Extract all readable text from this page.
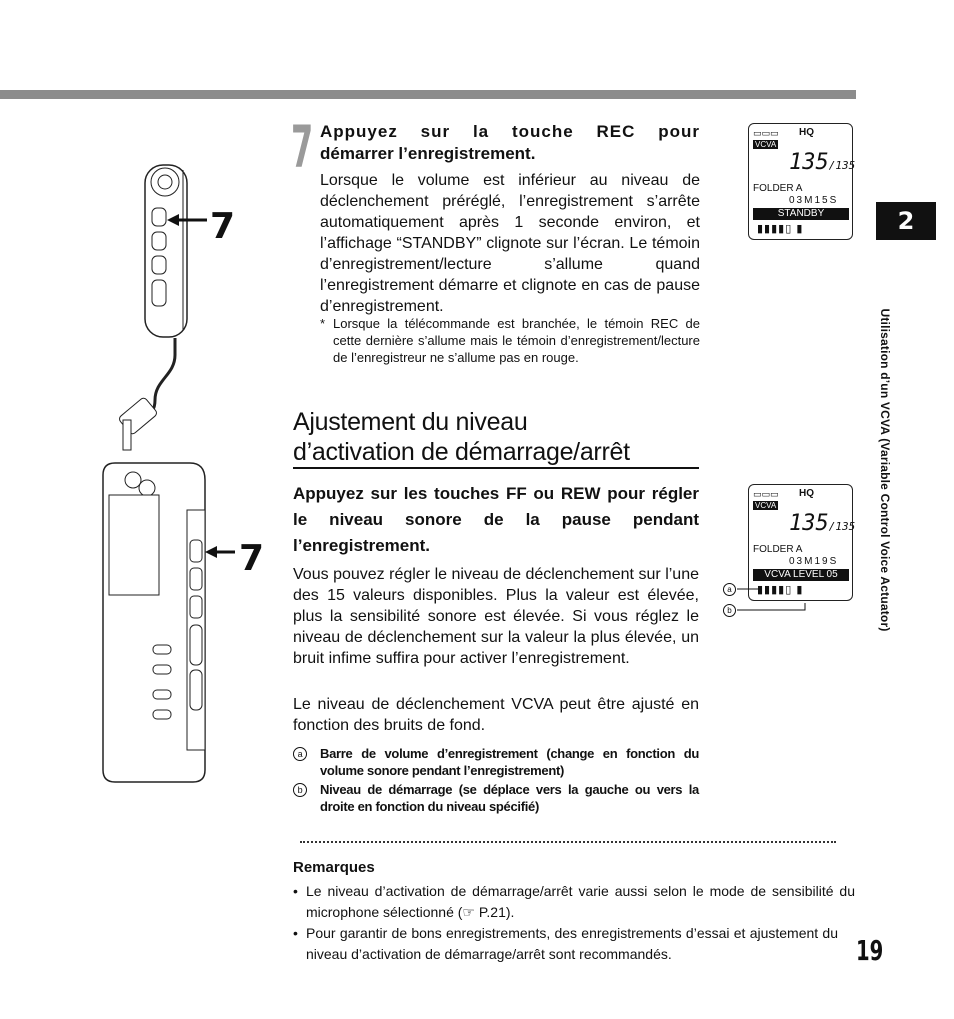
7 Appuyez sur la touche REC pour
démarrer l’enregistrement.
Lorsque le volume est inférieur au niveau de déclenchement préréglé, l’enregistrement s’arrête automatiquement après 1 seconde environ, et l’affichage “STANDBY” clignote sur l’écran. Le témoin d’enregistrement/lecture s’allume quand l’enregistrement démarre et clignote en cas de pause d’enregistrement.
* Lorsque la télécommande est branchée, le témoin REC de cette dernière s’allume mais le témoin d’enregistrement/lecture de l’enregistreur ne s’allume pas en rouge.
Ajustement du niveau
d’activation de démarrage/arrêt
Appuyez sur les touches FF ou REW pour régler le niveau sonore de la pause pendant l’enregistrement.
Vous pouvez régler le niveau de déclenchement sur l’une des 15 valeurs disponibles. Plus la valeur est élevée, plus la sensibilité sonore est élevée. Si vous réglez le niveau de déclenchement sur la valeur la plus élevée, un bruit infime suffira pour activer l’enregistrement.
Le niveau de déclenchement VCVA peut être ajusté en fonction des bruits de fond.
a	Barre de volume d’enregistrement (change en fonction du volume sonore pendant l’enregistrement)
b	Niveau de démarrage (se déplace vers la gauche ou vers la droite en fonction du niveau spécifié)
Remarques
• Le niveau d’activation de démarrage/arrêt varie aussi selon le mode de sensibilité du microphone sélectionné (☞ P.21).
• Pour garantir de bons enregistrements, des enregistrements d’essai et ajustement du niveau d’activation de démarrage/arrêt sont recommandés.
2
Utilisation d’un VCVA (Variable Control Voice Actuator)
19
▭▭▭ HQ
VCVA
135/135
FOLDER A
03M15S
STANDBY
▮▮▮▮▯ ▮
▭▭▭ HQ
VCVA
135/135
FOLDER A
03M19S
VCVA LEVEL 05
▮▮▮▮▯ ▮
a
b
7
7
